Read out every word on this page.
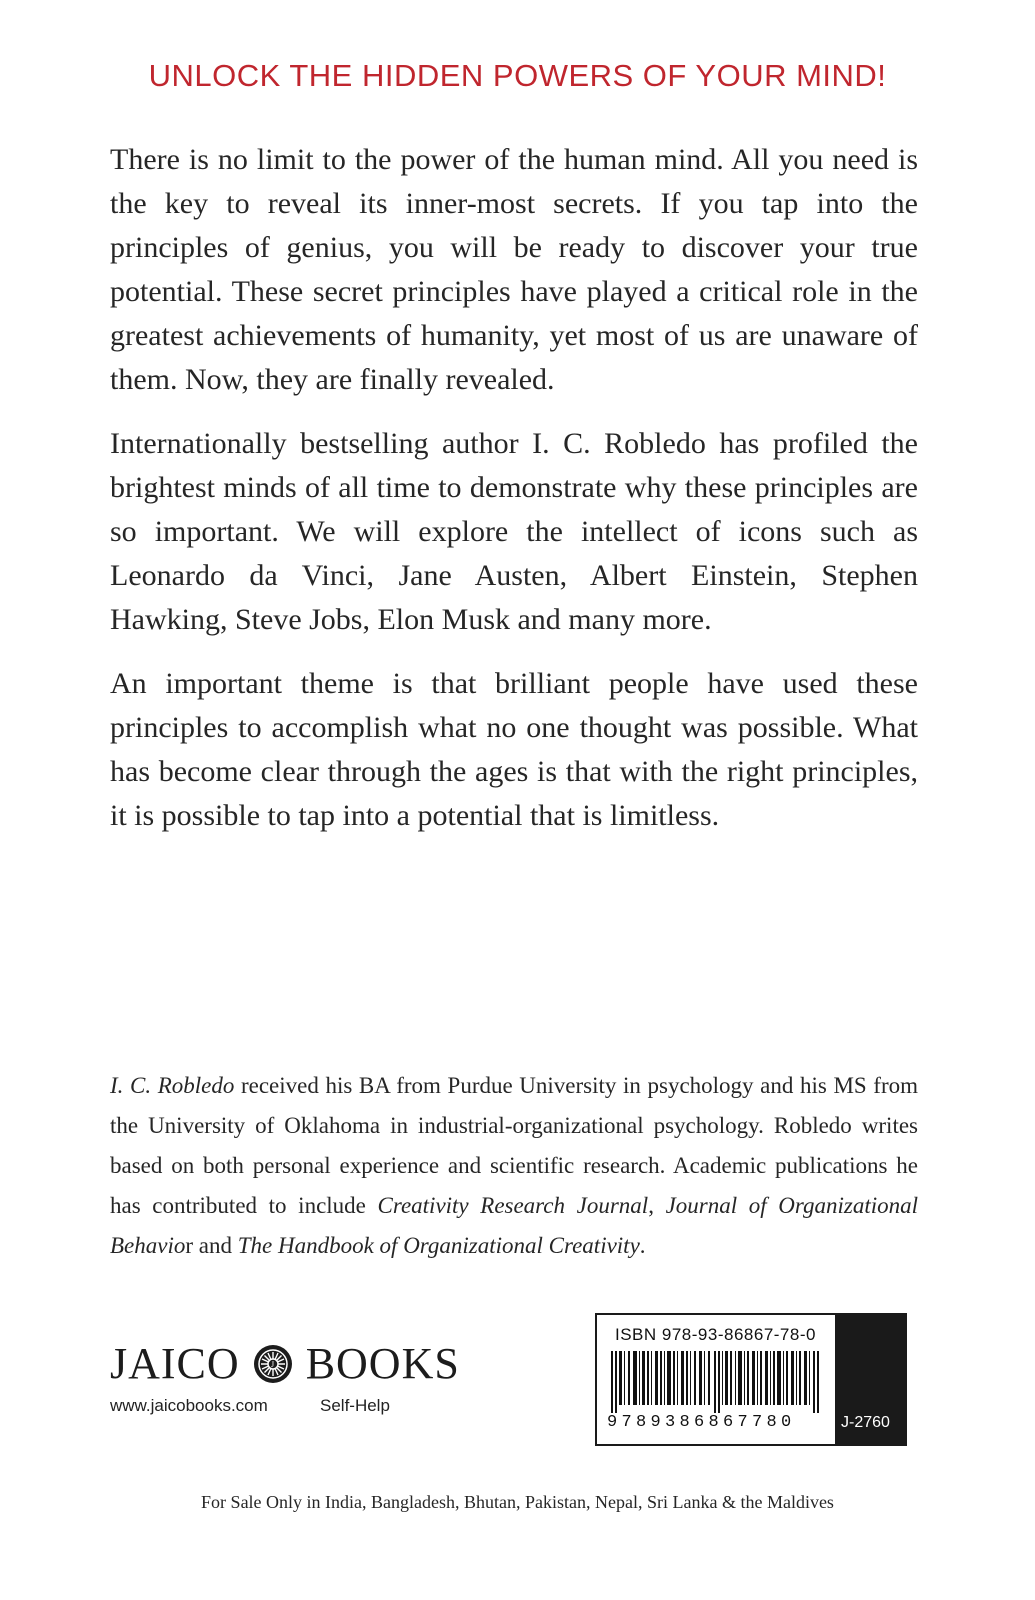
UNLOCK THE HIDDEN POWERS OF YOUR MIND!

There is no limit to the power of the human mind. All you need is the key to reveal its inner-most secrets. If you tap into the principles of genius, you will be ready to discover your true potential. These secret principles have played a critical role in the greatest achievements of humanity, yet most of us are unaware of them. Now, they are finally revealed.

Internationally bestselling author I. C. Robledo has profiled the brightest minds of all time to demonstrate why these principles are so important. We will explore the intellect of icons such as Leonardo da Vinci, Jane Austen, Albert Einstein, Stephen Hawking, Steve Jobs, Elon Musk and many more.

An important theme is that brilliant people have used these principles to accomplish what no one thought was possible. What has become clear through the ages is that with the right principles, it is possible to tap into a potential that is limitless.

I. C. Robledo received his BA from Purdue University in psychology and his MS from the University of Oklahoma in industrial-organizational psychology. Robledo writes based on both personal experience and scientific research. Academic publications he has contributed to include Creativity Research Journal, Journal of Organizational Behavior and The Handbook of Organizational Creativity.

JAICO	J BOOKS
www.jaicobooks.com	Self-Help
ISBN 978-93-86867-78-0
9789386867780	J-2760

For Sale Only in India, Bangladesh, Bhutan, Pakistan, Nepal, Sri Lanka & the Maldives
